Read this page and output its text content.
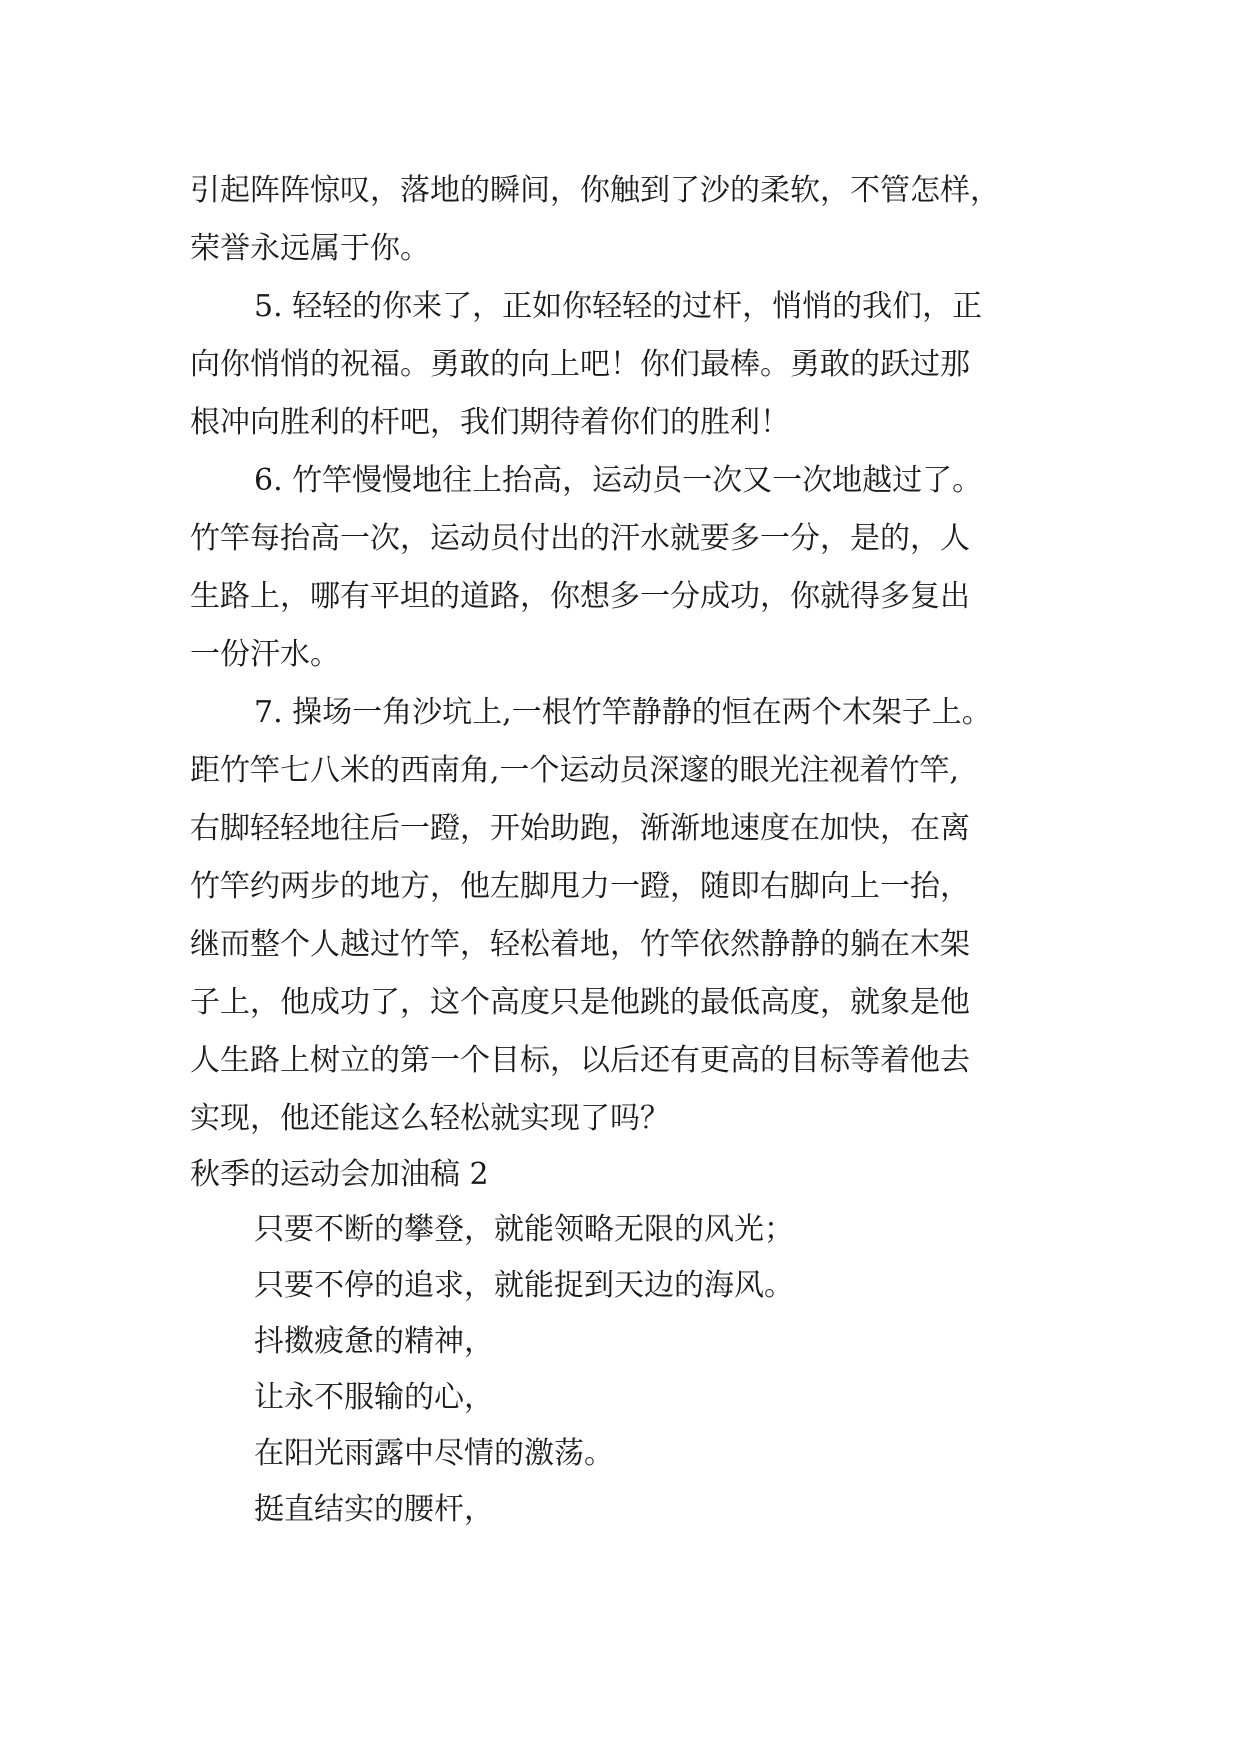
引起阵阵惊叹，落地的瞬间，你触到了沙的柔软，不管怎样，
荣誉永远属于你。
5. 轻轻的你来了，正如你轻轻的过杆，悄悄的我们，正
向你悄悄的祝福。勇敢的向上吧！你们最棒。勇敢的跃过那
根冲向胜利的杆吧，我们期待着你们的胜利！
6. 竹竿慢慢地往上抬高，运动员一次又一次地越过了。
竹竿每抬高一次，运动员付出的汗水就要多一分，是的，人
生路上，哪有平坦的道路，你想多一分成功，你就得多复出
一份汗水。
7. 操场一角沙坑上,一根竹竿静静的恒在两个木架子上。
距竹竿七八米的西南角,一个运动员深邃的眼光注视着竹竿,
右脚轻轻地往后一蹬，开始助跑，渐渐地速度在加快，在离
竹竿约两步的地方，他左脚甩力一蹬，随即右脚向上一抬，
继而整个人越过竹竿，轻松着地，竹竿依然静静的躺在木架
子上，他成功了，这个高度只是他跳的最低高度，就象是他
人生路上树立的第一个目标，以后还有更高的目标等着他去
实现，他还能这么轻松就实现了吗？
秋季的运动会加油稿 2
只要不断的攀登，就能领略无限的风光；
只要不停的追求，就能捉到天边的海风。
抖擞疲惫的精神，
让永不服输的心，
在阳光雨露中尽情的激荡。
挺直结实的腰杆，
